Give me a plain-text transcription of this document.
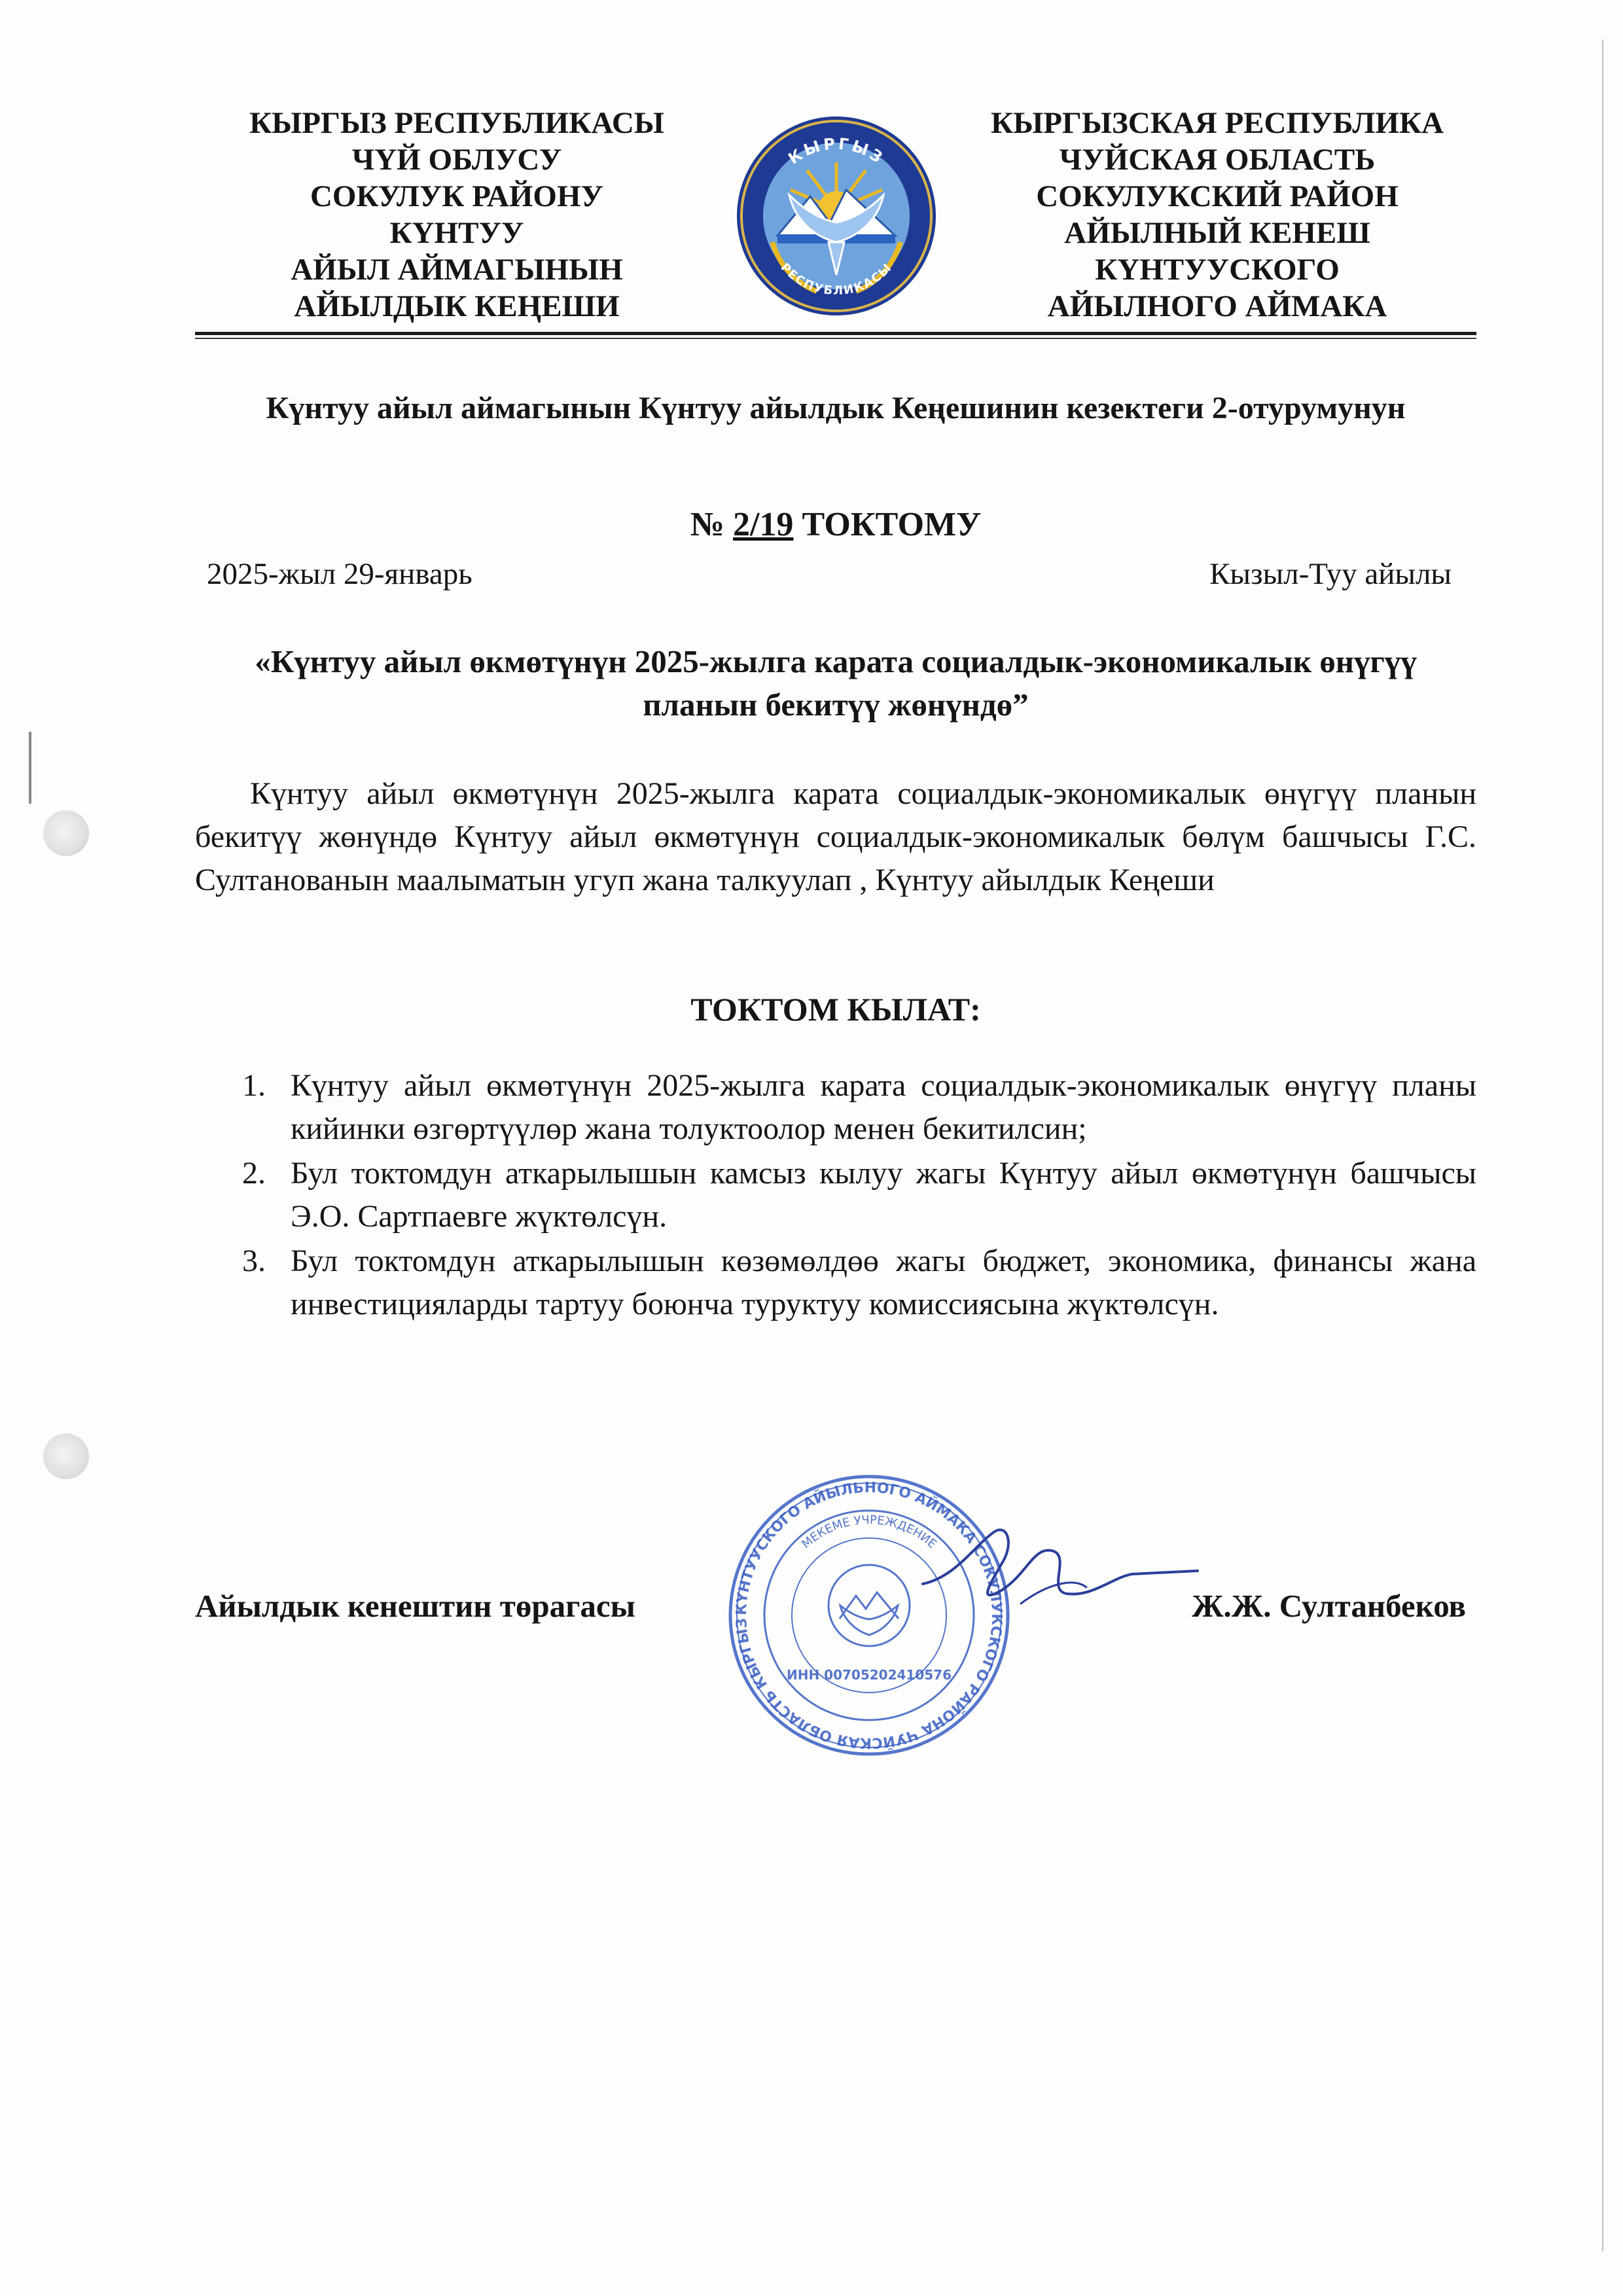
КЫРГЫЗ РЕСПУБЛИКАСЫ
ЧҮЙ ОБЛУСУ
СОКУЛУК РАЙОНУ
КҮНТУУ
АЙЫЛ АЙМАГЫНЫН
АЙЫЛДЫК КЕҢЕШИ
КЫРГЫЗ
РЕСПУБЛИКАСЫ
КЫРГЫЗСКАЯ РЕСПУБЛИКА
ЧУЙСКАЯ ОБЛАСТЬ
СОКУЛУКСКИЙ РАЙОН
АЙЫЛНЫЙ КЕНЕШ
КҮНТУУСКОГО
АЙЫЛНОГО АЙМАКА
Күнтуу айыл аймагынын Күнтуу айылдык Кеңешинин кезектеги 2-отурумунун
№ 2/19 ТОКТОМУ
2025-жыл 29-январь	Кызыл-Туу айылы
«Күнтуу айыл өкмөтүнүн 2025-жылга карата социалдык-экономикалык өнүгүү планын бекитүү жөнүндө”
Күнтуу айыл өкмөтүнүн 2025-жылга карата социалдык-экономикалык өнүгүү планын бекитүү жөнүндө Күнтуу айыл өкмөтүнүн социалдык-экономикалык бөлүм башчысы Г.С. Султанованын маалыматын угуп жана талкуулап , Күнтуу айылдык Кеңеши
ТОКТОМ КЫЛАТ:
1. Күнтуу айыл өкмөтүнүн 2025-жылга карата социалдык-экономикалык өнүгүү планы кийинки өзгөртүүлөр жана толуктоолор менен бекитилсин;
2. Бул токтомдун аткарылышын камсыз кылуу жагы Күнтуу айыл өкмөтүнүн башчысы Э.О. Сартпаевге жүктөлсүн.
3. Бул токтомдун аткарылышын көзөмөлдөө жагы бюджет, экономика, финансы жана инвестицияларды тартуу боюнча туруктуу комиссиясына жүктөлсүн.
Айылдык кенештин төрагасы	КҮНТУУСКОГО АЙЫЛЬНОГО АЙМАКА СОКУЛУКСКОГО РАЙОНА ЧУЙСКАЯ ОБЛАСТЬ КЫРГЫЗ
МЕКЕМЕ УЧРЕЖДЕНИЕ
ИНН 00705202410576
Ж.Ж. Султанбеков
